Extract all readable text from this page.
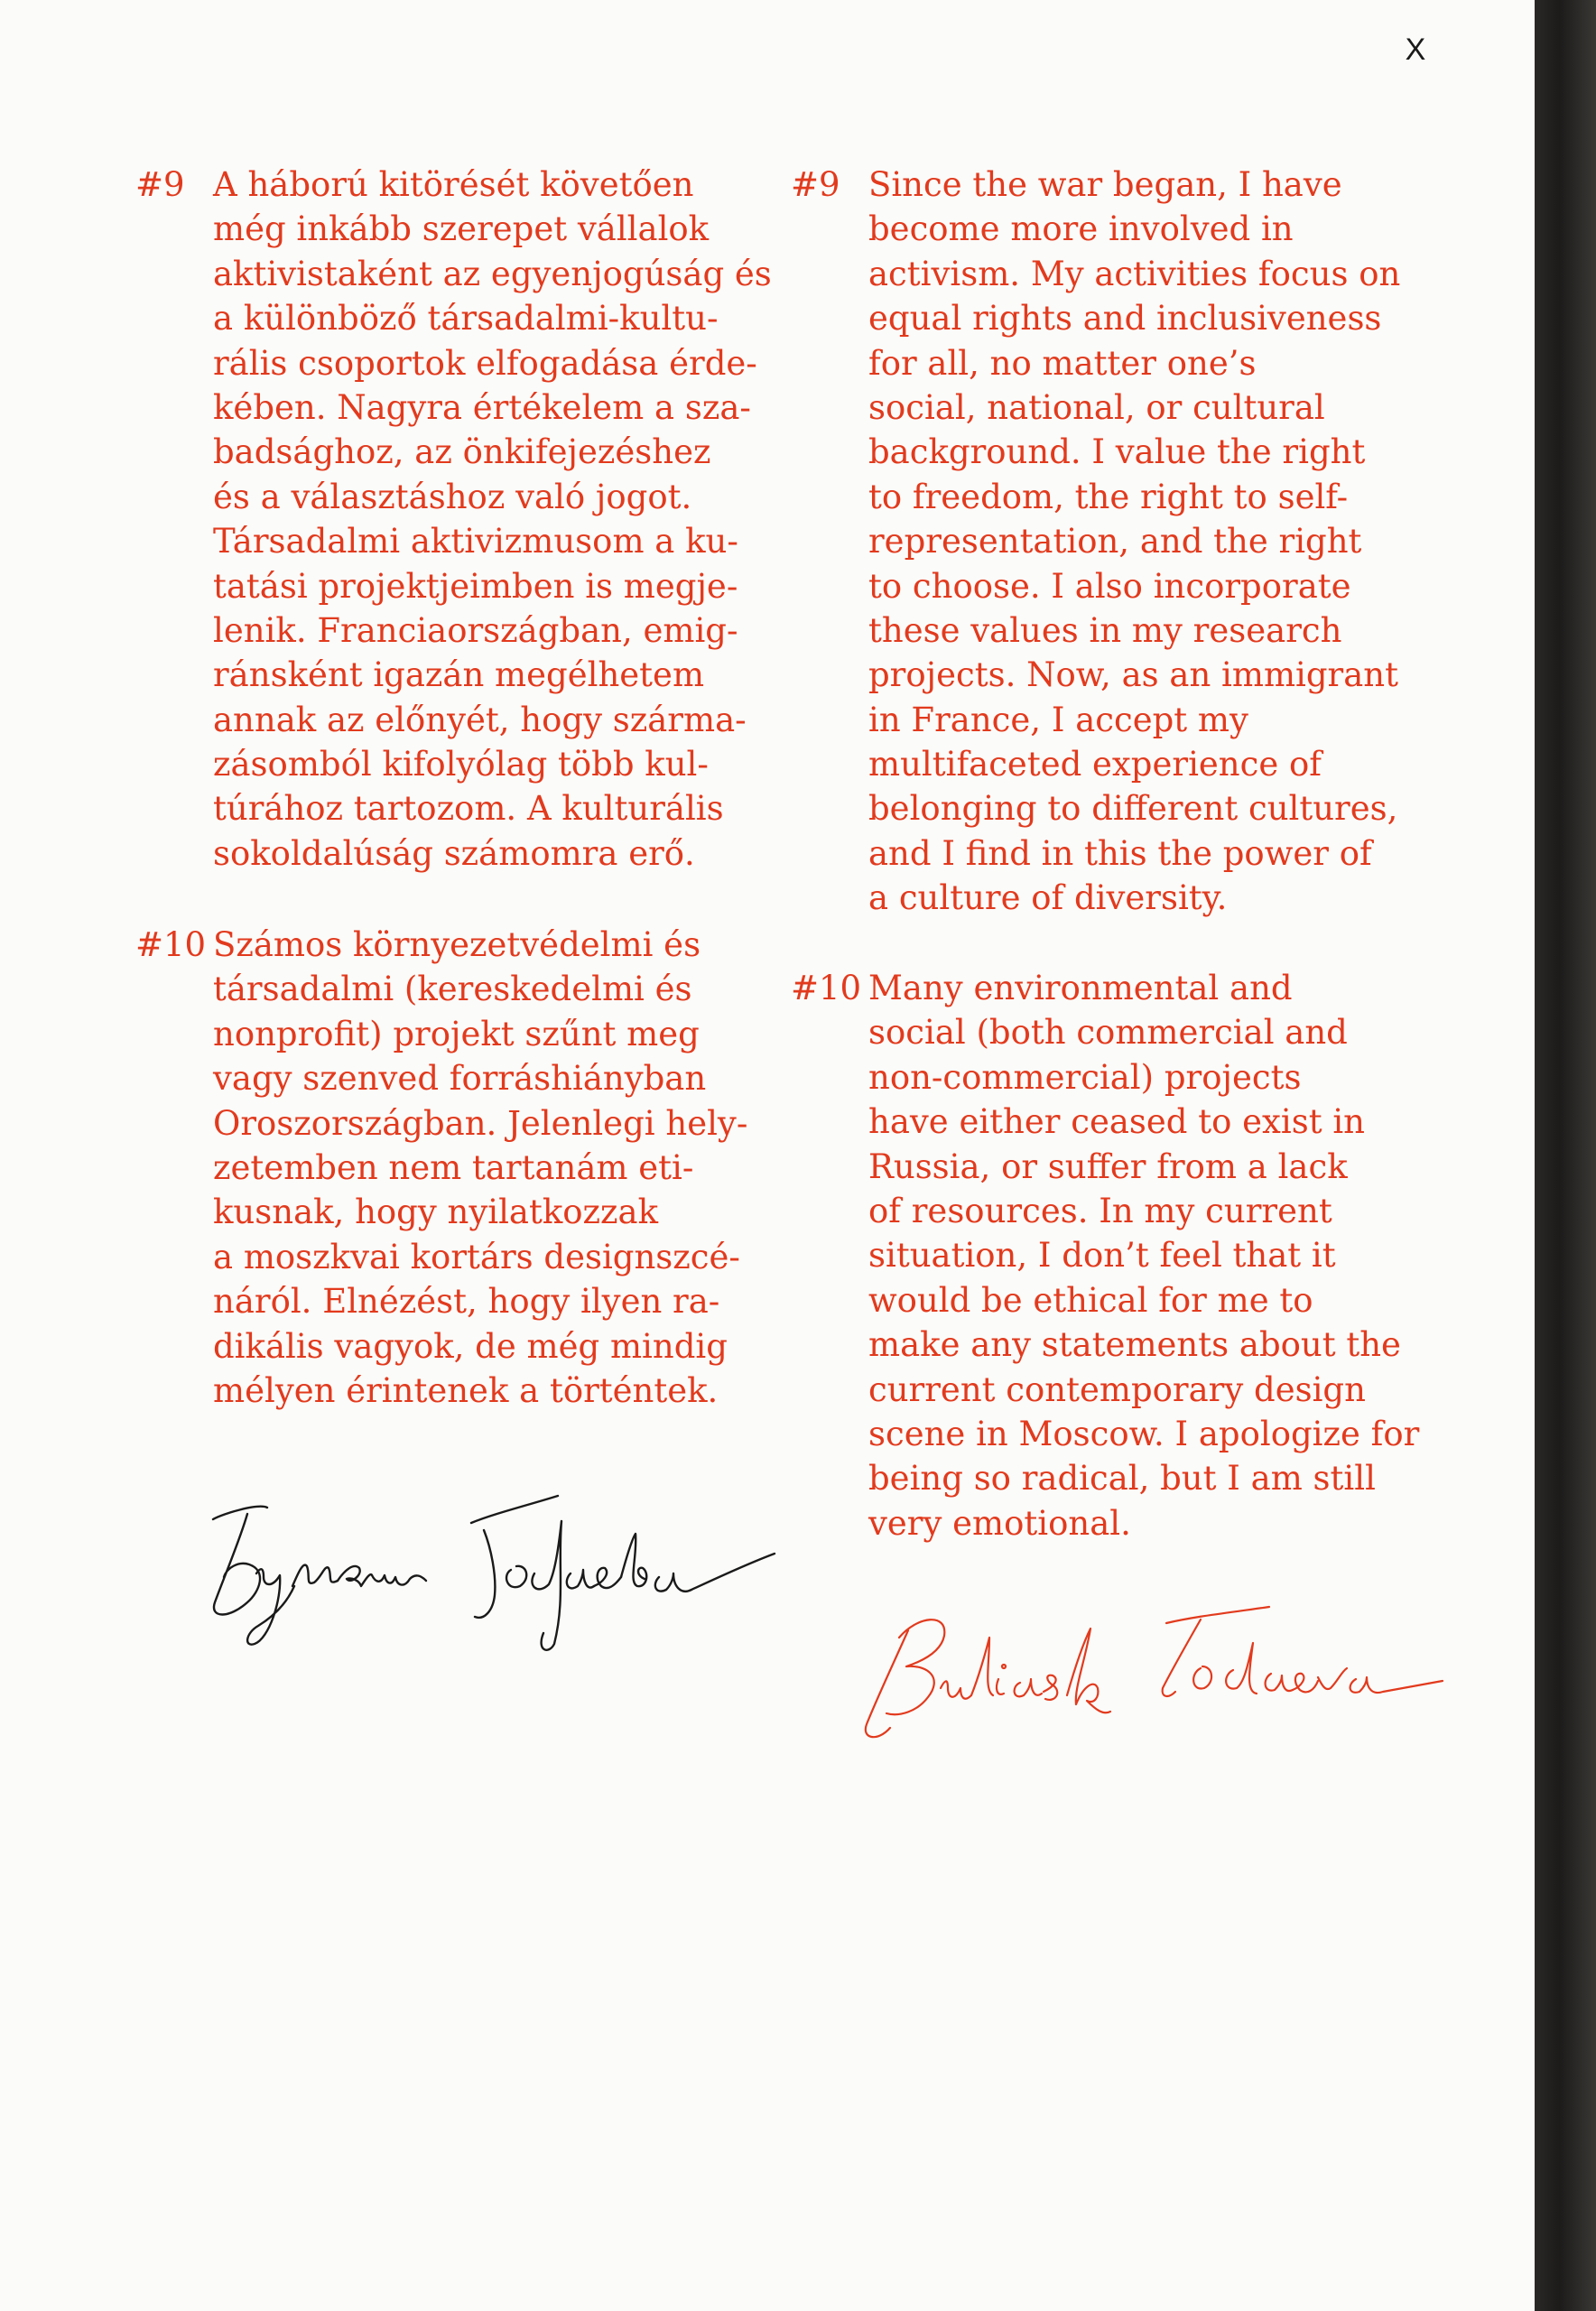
X
#9 A háború kitörését követően
még inkább szerepet vállalok
aktivistaként az egyenjogúság és
a különböző társadalmi-kultu-
rális csoportok elfogadása érde-
kében. Nagyra értékelem a sza-
badsághoz, az önkifejezéshez
és a választáshoz való jogot.
Társadalmi aktivizmusom a ku-
tatási projektjeimben is megje-
lenik. Franciaországban, emig-
ránsként igazán megélhetem
annak az előnyét, hogy szárma-
zásomból kifolyólag több kul-
túrához tartozom. A kulturális
sokoldalúság számomra erő.
#10 Számos környezetvédelmi és
társadalmi (kereskedelmi és
nonprofit) projekt szűnt meg
vagy szenved forráshiányban
Oroszországban. Jelenlegi hely-
zetemben nem tartanám eti-
kusnak, hogy nyilatkozzak
a moszkvai kortárs designszcé-
náról. Elnézést, hogy ilyen ra-
dikális vagyok, de még mindig
mélyen érintenek a történtek.
#9 Since the war began, I have
become more involved in
activism. My activities focus on
equal rights and inclusiveness
for all, no matter one’s
social, national, or cultural
background. I value the right
to freedom, the right to self-
representation, and the right
to choose. I also incorporate
these values in my research
projects. Now, as an immigrant
in France, I accept my
multifaceted experience of
belonging to different cultures,
and I find in this the power of
a culture of diversity.
#10 Many environmental and
social (both commercial and
non-commercial) projects
have either ceased to exist in
Russia, or suffer from a lack
of resources. In my current
situation, I don’t feel that it
would be ethical for me to
make any statements about the
current contemporary design
scene in Moscow. I apologize for
being so radical, but I am still
very emotional.
